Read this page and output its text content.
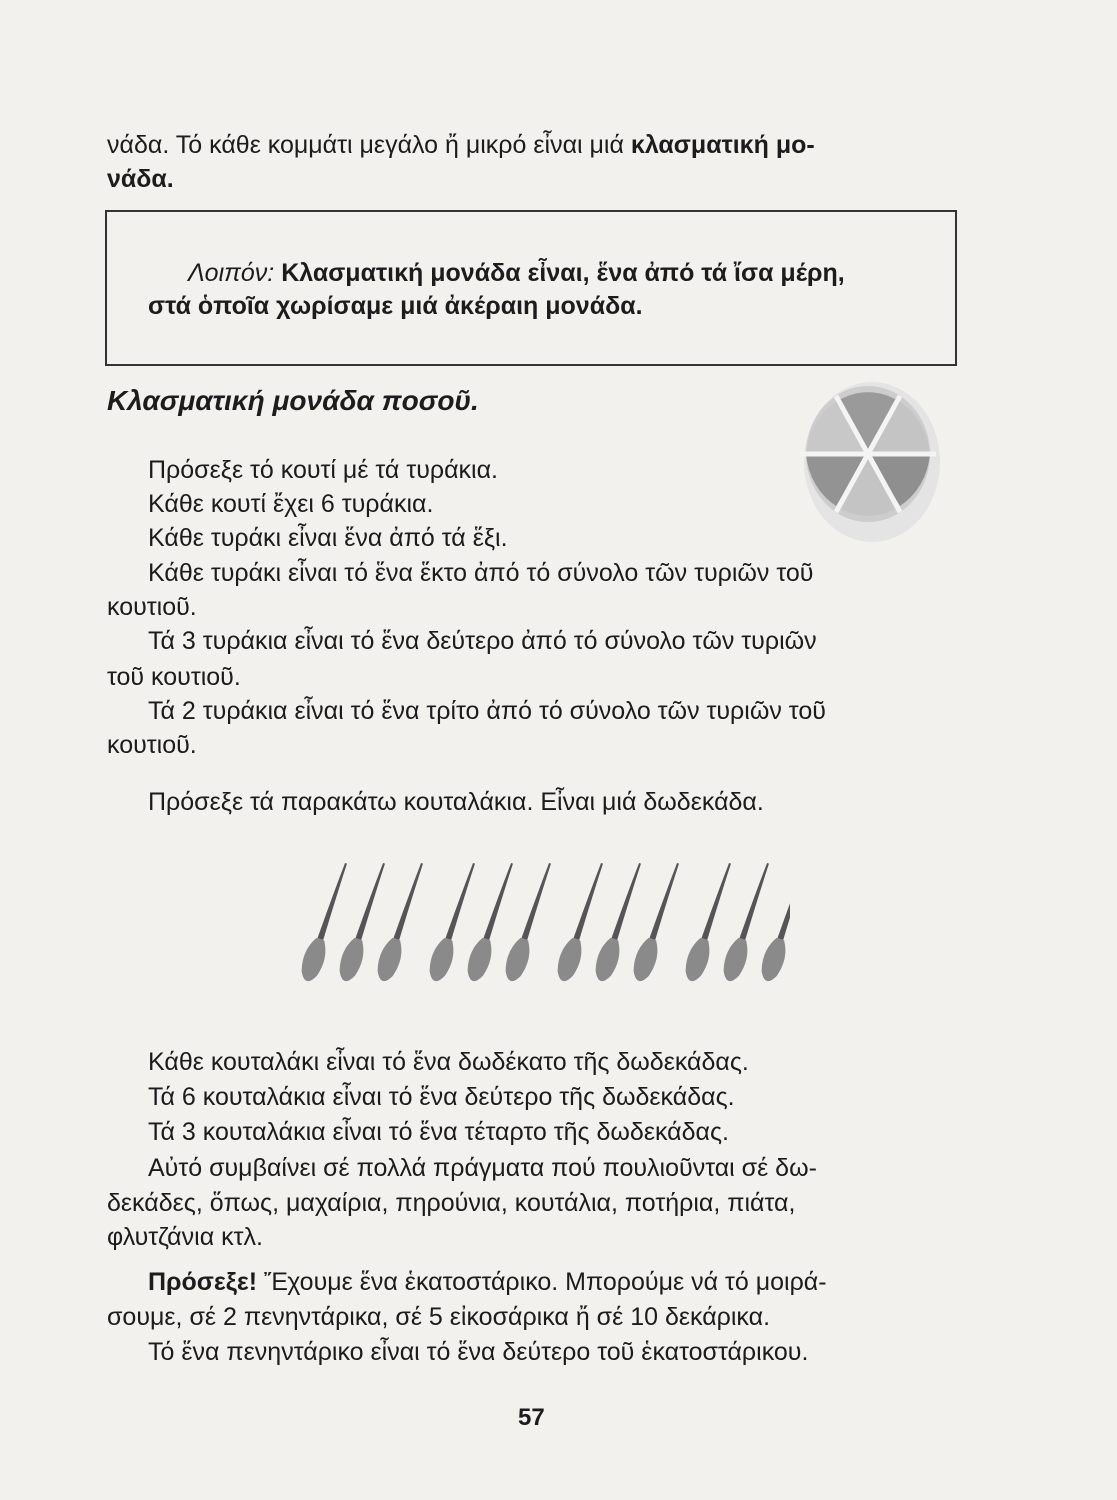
νάδα. Τό κάθε κομμάτι μεγάλο ἤ μικρό εἶναι μιά κλασματική μο-
νάδα.
Λοιπόν: Κλασματική μονάδα εἶναι, ἕνα ἀπό τά ἴσα μέρη,
στά ὁποῖα χωρίσαμε μιά ἀκέραιη μονάδα.
Κλασματική μονάδα ποσοῦ.
Πρόσεξε τό κουτί μέ τά τυράκια.
Κάθε κουτί ἔχει 6 τυράκια.
Κάθε τυράκι εἶναι ἕνα ἀπό τά ἕξι.
Κάθε τυράκι εἶναι τό ἕνα ἕκτο ἀπό τό σύνολο τῶν τυριῶν τοῦ
κουτιοῦ.
Τά 3 τυράκια εἶναι τό ἕνα δεύτερο ἀπό τό σύνολο τῶν τυριῶν
τοῦ κουτιοῦ.
Τά 2 τυράκια εἶναι τό ἕνα τρίτο ἀπό τό σύνολο τῶν τυριῶν τοῦ
κουτιοῦ.
Πρόσεξε τά παρακάτω κουταλάκια. Εἶναι μιά δωδεκάδα.
Κάθε κουταλάκι εἶναι τό ἕνα δωδέκατο τῆς δωδεκάδας.
Τά 6 κουταλάκια εἶναι τό ἕνα δεύτερο τῆς δωδεκάδας.
Τά 3 κουταλάκια εἶναι τό ἕνα τέταρτο τῆς δωδεκάδας.
Αὐτό συμβαίνει σέ πολλά πράγματα πού πουλιοῦνται σέ δω-
δεκάδες, ὅπως, μαχαίρια, πηρούνια, κουτάλια, ποτήρια, πιάτα,
φλυτζάνια κτλ.
Πρόσεξε! Ἔχουμε ἕνα ἑκατοστάρικο. Μπορούμε νά τό μοιρά-
σουμε, σέ 2 πενηντάρικα, σέ 5 εἰκοσάρικα ἤ σέ 10 δεκάρικα.
Τό ἕνα πενηντάρικο εἶναι τό ἕνα δεύτερο τοῦ ἑκατοστάρικου.
57
